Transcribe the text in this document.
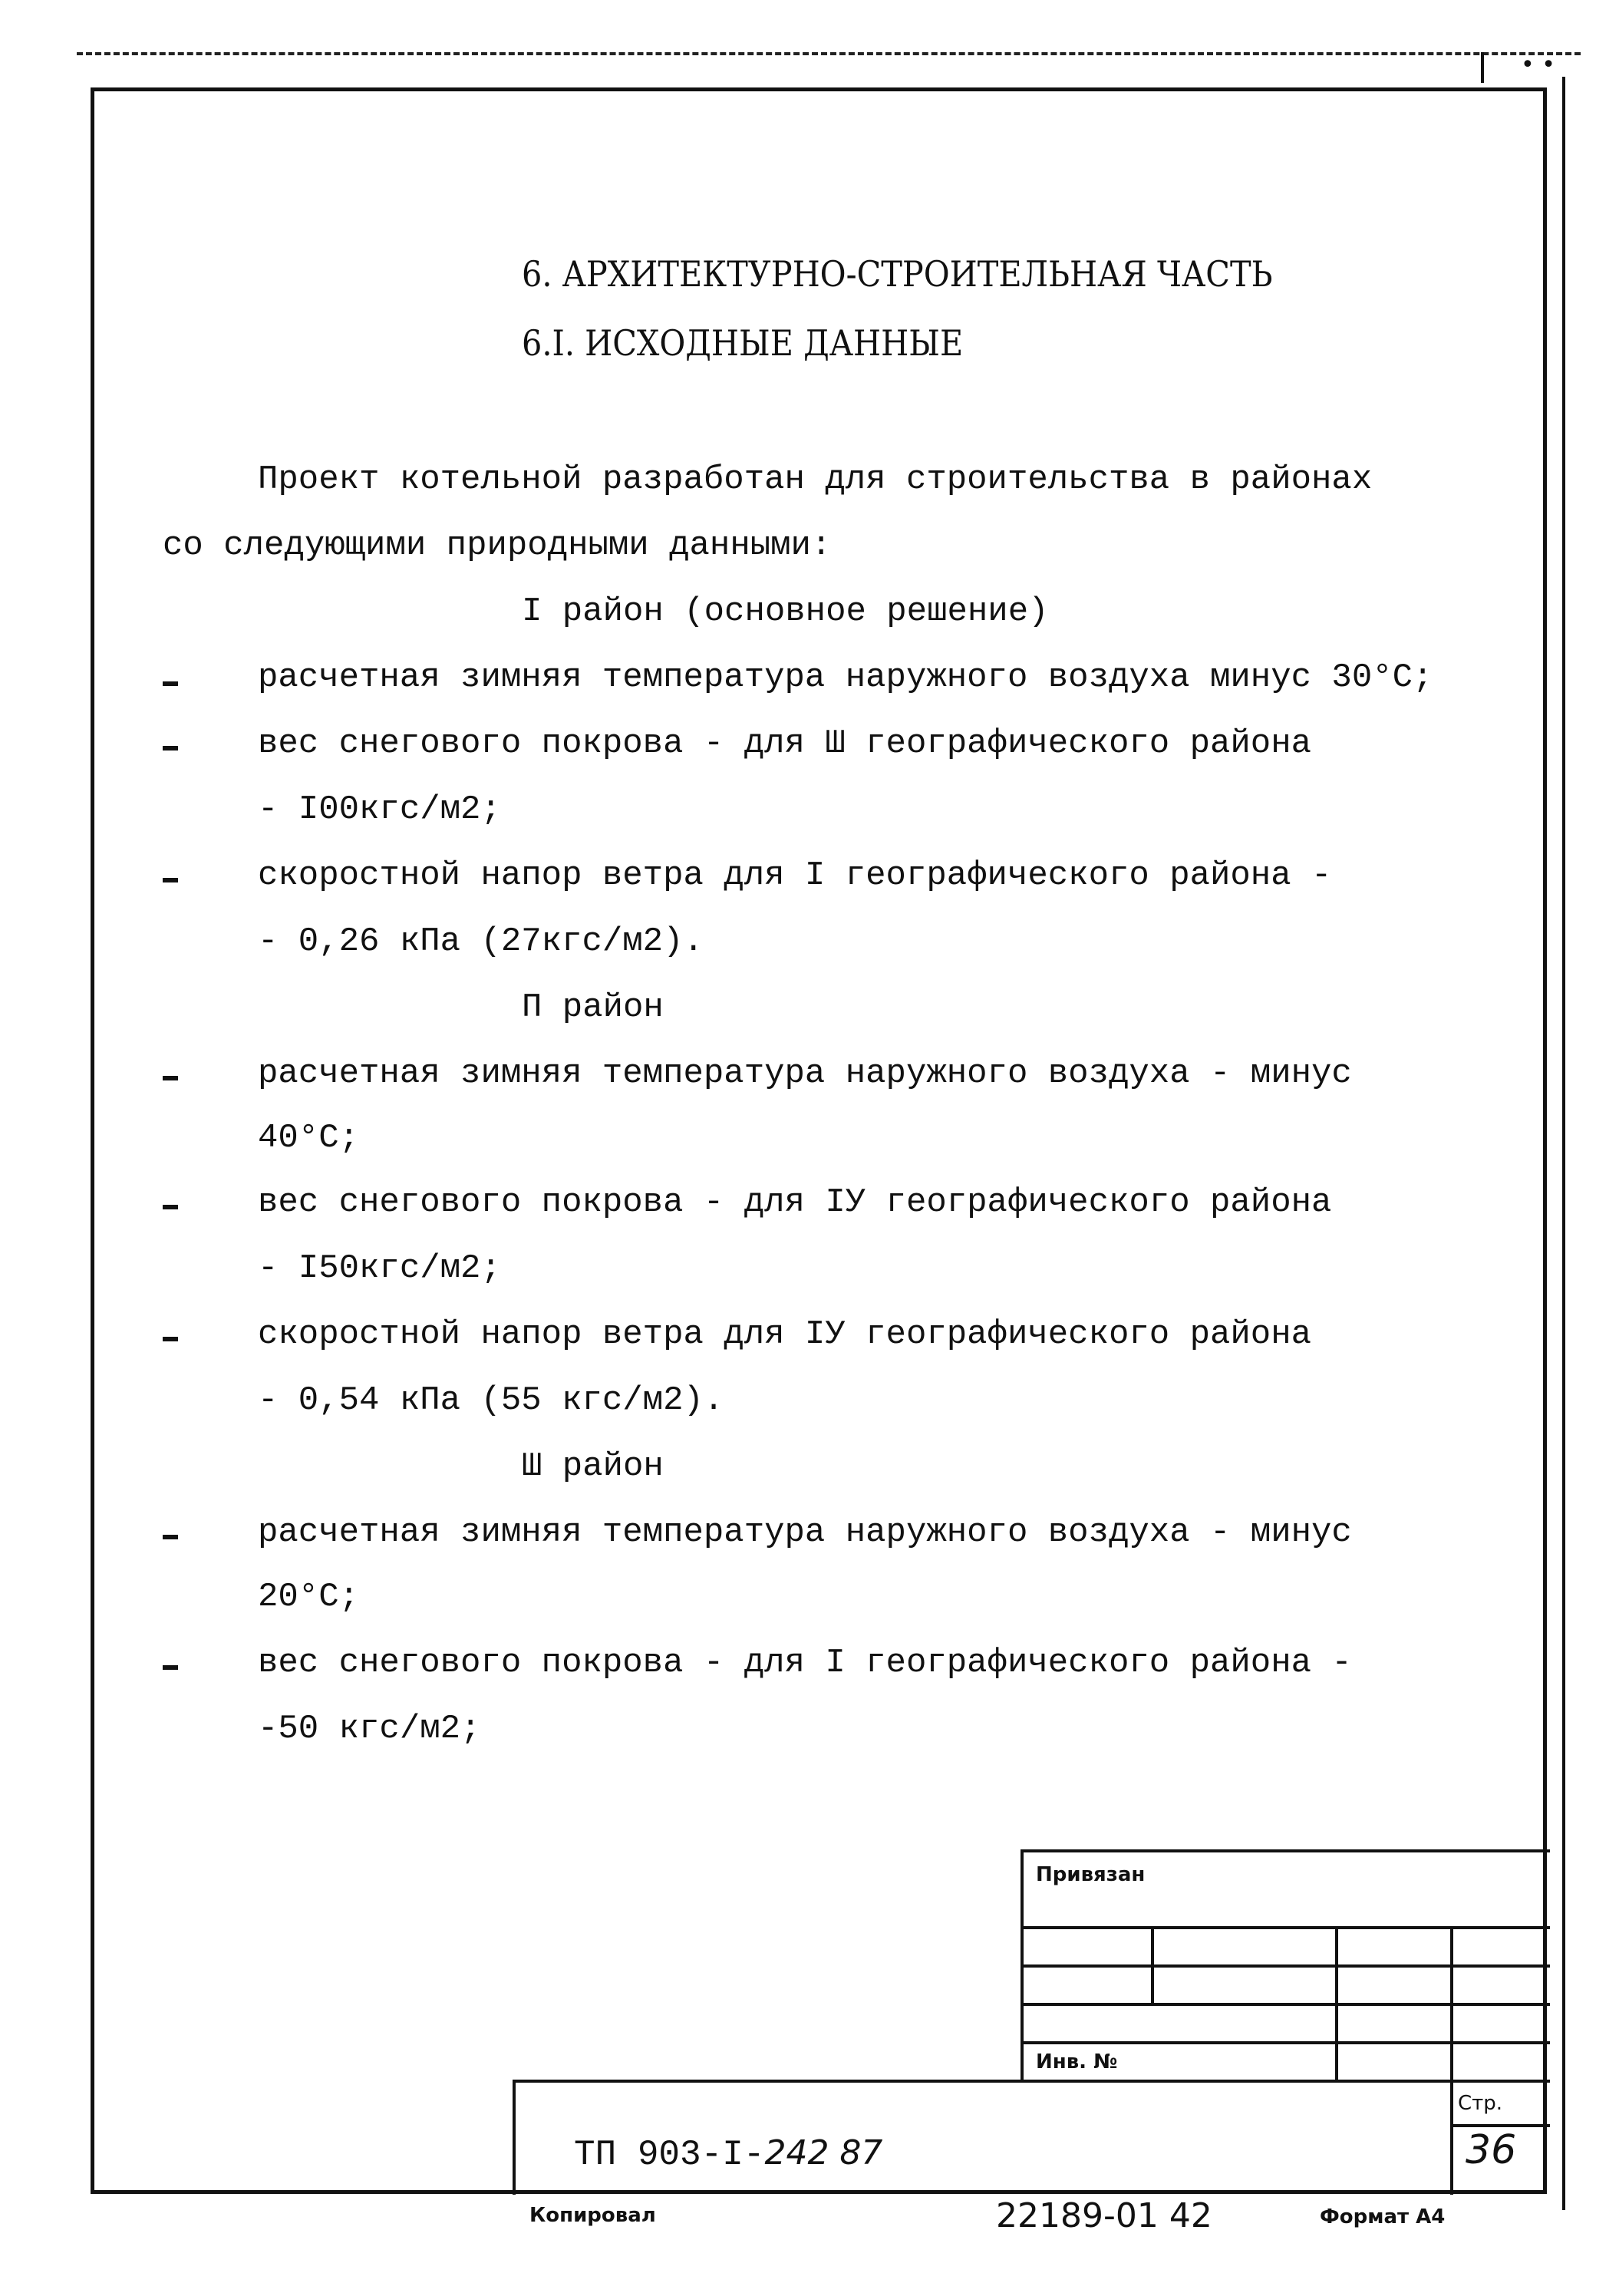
• •
6. АРХИТЕКТУРНО-СТРОИТЕЛЬНАЯ ЧАСТЬ
6.I. ИСХОДНЫЕ ДАННЫЕ
Проект котельной разработан для строительства в районах
со следующими природными данными:
I район (основное решение)
расчетная зимняя температура наружного воздуха минус 30°С;
вес снегового покрова - для Ш географического района
- I00кгс/м2;
скоростной напор ветра для I географического района -
- 0,26 кПа (27кгс/м2).
П район
расчетная зимняя температура наружного воздуха - минус
40°С;
вес снегового покрова - для IУ географического района
- I50кгс/м2;
скоростной напор ветра для IУ географического района
- 0,54 кПа (55 кгс/м2).
Ш район
расчетная зимняя температура наружного воздуха - минус
20°С;
вес снегового покрова - для I географического района -
-50 кгс/м2;
Привязан
Инв. №
Стр.
36
ТП 903-I-242 87
Копировал	22189-01 42	Формат А4
